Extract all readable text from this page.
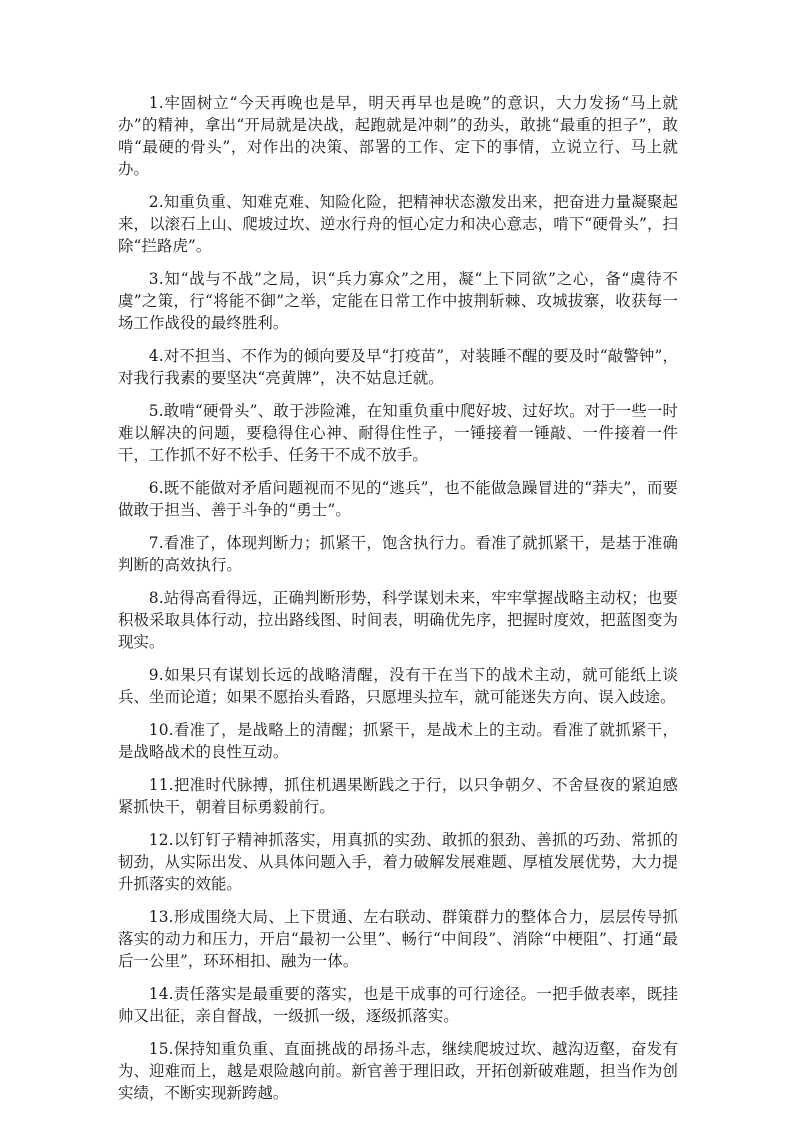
1.牢固树立“今天再晚也是早，明天再早也是晚”的意识，大力发扬“马上就办”的精神，拿出“开局就是决战，起跑就是冲刺”的劲头，敢挑“最重的担子”，敢啃“最硬的骨头”，对作出的决策、部署的工作、定下的事情，立说立行、马上就办。

2.知重负重、知难克难、知险化险，把精神状态激发出来，把奋进力量凝聚起来，以滚石上山、爬坡过坎、逆水行舟的恒心定力和决心意志，啃下“硬骨头”，扫除“拦路虎”。

3.知“战与不战”之局，识“兵力寡众”之用，凝“上下同欲”之心，备“虞待不虞”之策，行“将能不御”之举，定能在日常工作中披荆斩棘、攻城拔寨，收获每一场工作战役的最终胜利。

4.对不担当、不作为的倾向要及早“打疫苗”，对装睡不醒的要及时“敲警钟”，对我行我素的要坚决“亮黄牌”，决不姑息迁就。

5.敢啃“硬骨头”、敢于涉险滩，在知重负重中爬好坡、过好坎。对于一些一时难以解决的问题，要稳得住心神、耐得住性子，一锤接着一锤敲、一件接着一件干，工作抓不好不松手、任务干不成不放手。

6.既不能做对矛盾问题视而不见的“逃兵”，也不能做急躁冒进的“莽夫”，而要做敢于担当、善于斗争的“勇士”。

7.看准了，体现判断力；抓紧干，饱含执行力。看准了就抓紧干，是基于准确判断的高效执行。

8.站得高看得远，正确判断形势，科学谋划未来，牢牢掌握战略主动权；也要积极采取具体行动，拉出路线图、时间表，明确优先序，把握时度效，把蓝图变为现实。

9.如果只有谋划长远的战略清醒，没有干在当下的战术主动，就可能纸上谈兵、坐而论道；如果不愿抬头看路，只愿埋头拉车，就可能迷失方向、误入歧途。

10.看准了，是战略上的清醒；抓紧干，是战术上的主动。看准了就抓紧干，是战略战术的良性互动。

11.把准时代脉搏，抓住机遇果断践之于行，以只争朝夕、不舍昼夜的紧迫感紧抓快干，朝着目标勇毅前行。

12.以钉钉子精神抓落实，用真抓的实劲、敢抓的狠劲、善抓的巧劲、常抓的韧劲，从实际出发、从具体问题入手，着力破解发展难题、厚植发展优势，大力提升抓落实的效能。

13.形成围绕大局、上下贯通、左右联动、群策群力的整体合力，层层传导抓落实的动力和压力，开启“最初一公里”、畅行“中间段”、消除“中梗阻”、打通“最后一公里”，环环相扣、融为一体。

14.责任落实是最重要的落实，也是干成事的可行途径。一把手做表率，既挂帅又出征，亲自督战，一级抓一级，逐级抓落实。

15.保持知重负重、直面挑战的昂扬斗志，继续爬坡过坎、越沟迈壑，奋发有为、迎难而上，越是艰险越向前。新官善于理旧政，开拓创新破难题，担当作为创实绩，不断实现新跨越。
